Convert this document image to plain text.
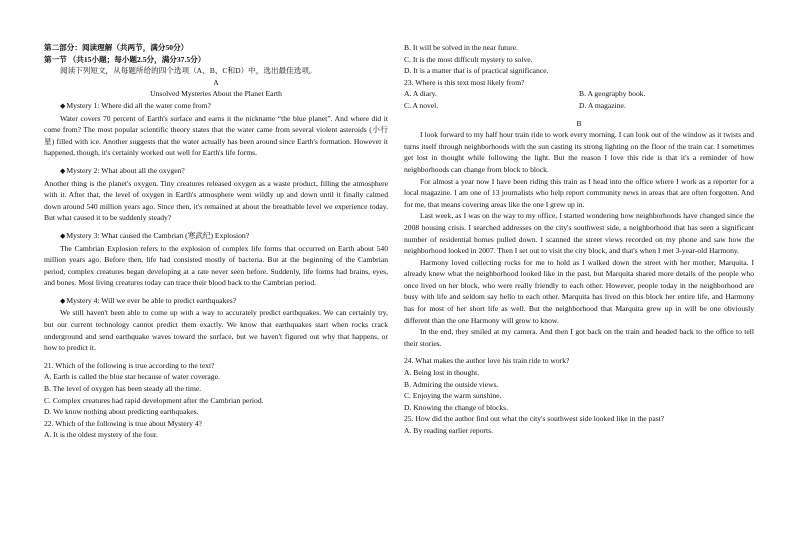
第二部分：阅读理解（共两节，满分50分）

第一节 （共15小题；每小题2.5分，满分37.5分）

阅读下列短文，从每题所给的四个选项（A、B、C和D）中，选出最佳选项。

A

Unsolved Mysteries About the Planet Earth

◆Mystery 1: Where did all the water come from?

Water covers 70 percent of Earth's surface and earns it the nickname “the blue planet”. And where did it come from? The most popular scientific theory states that the water came from several violent asteroids (小行星) filled with ice. Another suggests that the water actually has been around since Earth's formation. However it happened, though, it's certainly worked out well for Earth's life forms.

◆Mystery 2: What about all the oxygen?

Another thing is the planet's oxygen. Tiny creatures released oxygen as a waste product, filling the atmosphere with it. After that, the level of oxygen in Earth's atmosphere went wildly up and down until it finally calmed down around 540 million years ago. Since then, it's remained at about the breathable level we experience today. But what caused it to be suddenly steady?

◆Mystery 3: What caused the Cambrian (寒武纪) Explosion?

The Cambrian Explosion refers to the explosion of complex life forms that occurred on Earth about 540 million years ago. Before then, life had consisted mostly of bacteria. But at the beginning of the Cambrian period, complex creatures began developing at a rate never seen before. Suddenly, life forms had brains, eyes, and bones. Most living creatures today can trace their blood back to the Cambrian period.

◆Mystery 4: Will we ever be able to predict earthquakes?

We still haven't been able to come up with a way to accurately predict earthquakes. We can certainly try, but our current technology cannot predict them exactly. We know that earthquakes start when rocks crack underground and send earthquake waves toward the surface, but we haven't figured out why that happens, or how to predict it.

21. Which of the following is true according to the text?

A. Earth is called the blue star because of water coverage.

B. The level of oxygen has been steady all the time.

C. Complex creatures had rapid development after the Cambrian period.

D. We know nothing about predicting earthquakes.

22. Which of the following is true about Mystery 4?

A. It is the oldest mystery of the four.

B. It will be solved in the near future.

C. It is the most difficult mystery to solve.

D. It is a matter that is of practical significance.

23. Where is this text most likely from?

A. A diary.	B. A geography book.
C. A novel.	D. A magazine.

B

I look forward to my half hour train ride to work every morning. I can look out of the window as it twists and turns itself through neighborhoods with the sun casting its strong lighting on the floor of the train car. I sometimes get lost in thought while following the light. But the reason I love this ride is that it's a reminder of how neighborhoods can change from block to block.

For almost a year now I have been riding this train as I head into the office where I work as a reporter for a local magazine. I am one of 13 journalists who help report community news in areas that are often forgotten. And for me, that means covering areas like the one I grew up in.

Last week, as I was on the way to my office, I started wondering how neighborhoods have changed since the 2008 housing crisis. I searched addresses on the city's southwest side, a neighborhood that has seen a significant number of residential homes pulled down. I scanned the street views recorded on my phone and saw how the neighborhood looked in 2007. Then I set out to visit the city block, and that's when I met 3-year-old Harmony.

Harmony loved collecting rocks for me to hold as I walked down the street with her mother, Marquita. I already knew what the neighborhood looked like in the past, but Marquita shared more details of the people who once lived on her block, who were really friendly to each other. However, people today in the neighborhood are busy with life and seldom say hello to each other. Marquita has lived on this block her entire life, and Harmony has for most of her short life as well. But the neighborhood that Marquita grew up in will be one obviously different than the one Harmony will grow to know.

In the end, they smiled at my camera. And then I got back on the train and headed back to the office to tell their stories.

24. What makes the author love his train ride to work?

A. Being lost in thought.

B. Admiring the outside views.

C. Enjoying the warm sunshine.

D. Knowing the change of blocks.

25. How did the author find out what the city's southwest side looked like in the past?

A. By reading earlier reports.
